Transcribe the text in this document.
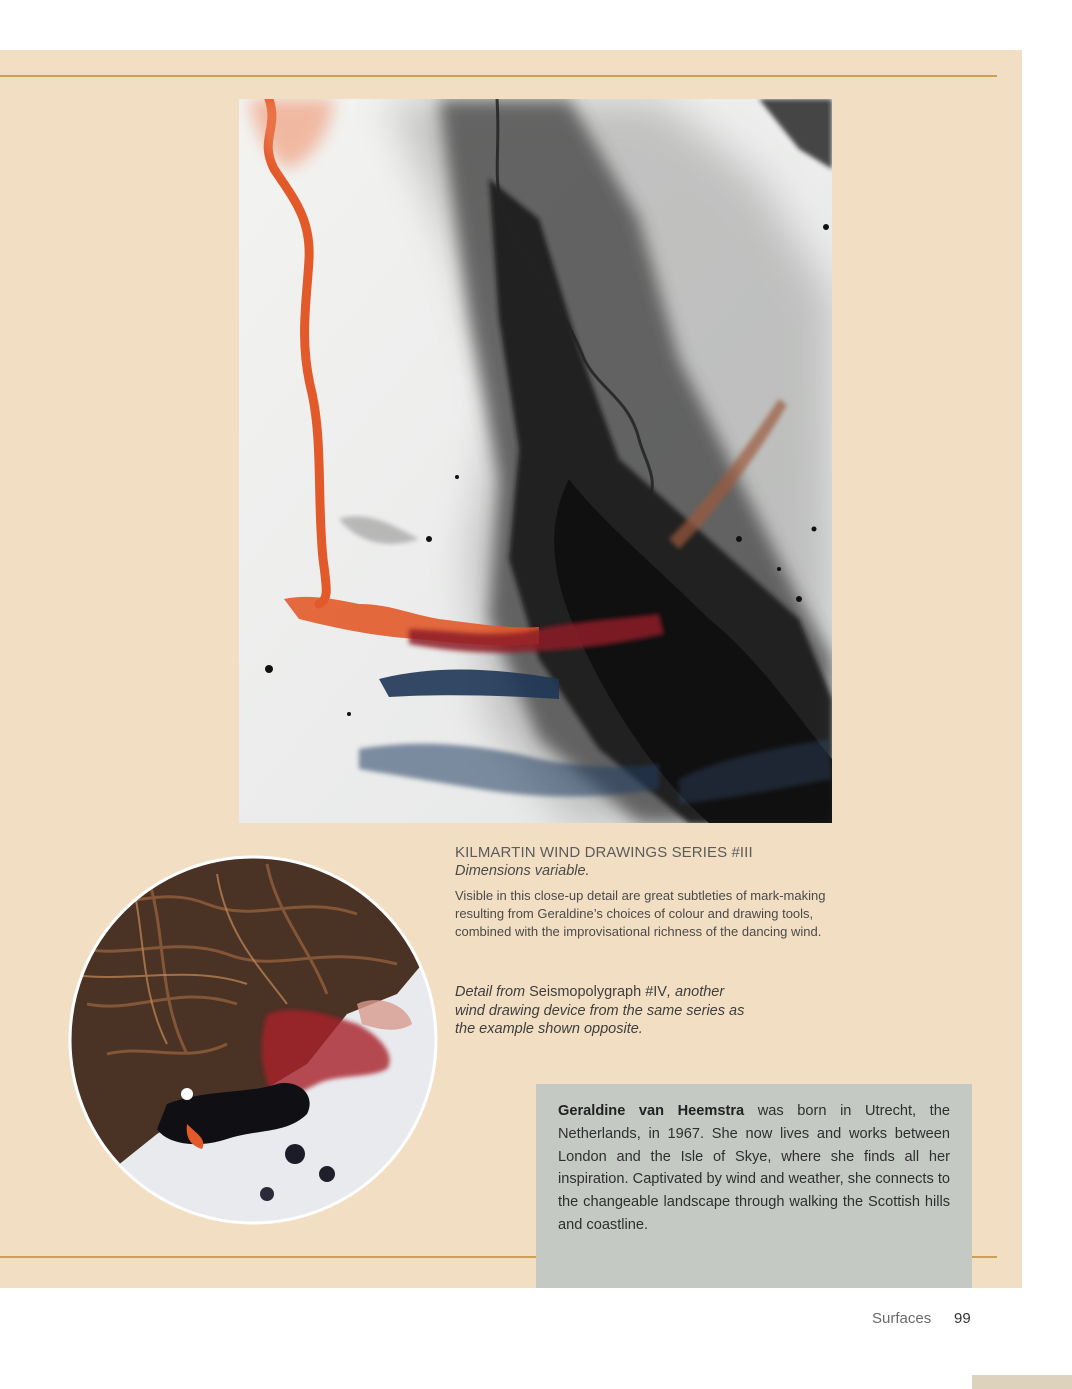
KILMARTIN WIND DRAWINGS SERIES #III
Dimensions variable.
Visible in this close-up detail are great subtleties of mark-making resulting from Geraldine’s choices of colour and drawing tools, combined with the improvisational richness of the dancing wind.
Detail from Seismopolygraph #IV, another wind drawing device from the same series as the example shown opposite.

Geraldine van Heemstra was born in Utrecht, the Netherlands, in 1967. She now lives and works between London and the Isle of Skye, where she finds all her inspiration. Captivated by wind and weather, she connects to the changeable landscape through walking the Scottish hills and coastline.

Surfaces 99
